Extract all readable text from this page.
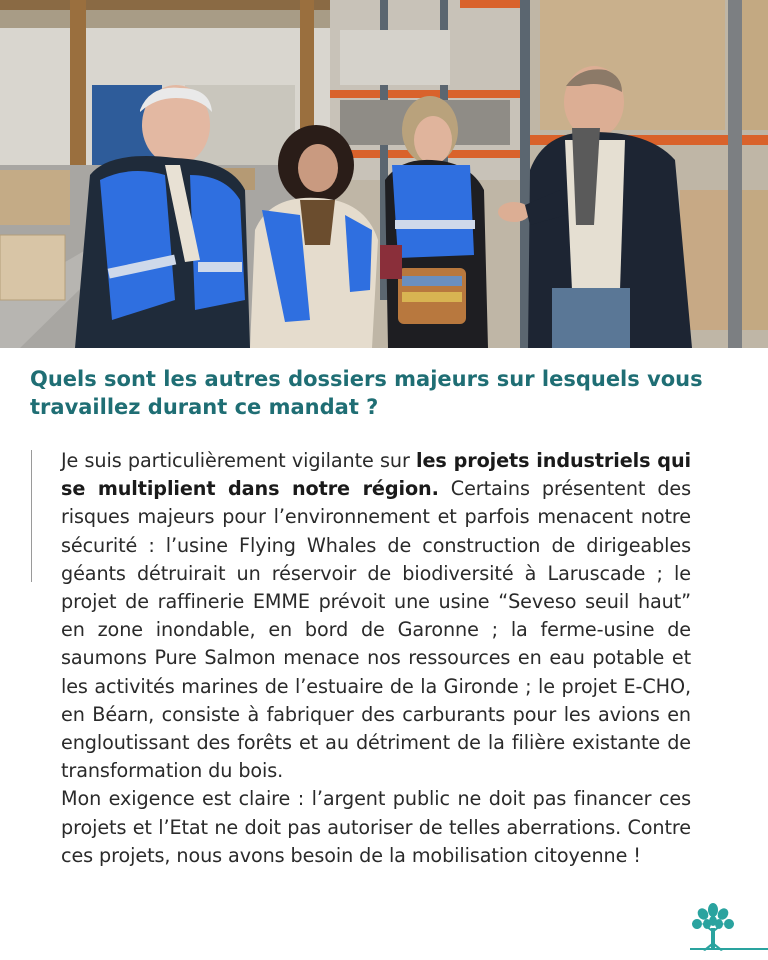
Quels sont les autres dossiers majeurs sur lesquels vous travaillez durant ce mandat ?

Je suis particulièrement vigilante sur les projets industriels qui se multiplient dans notre région. Certains présentent des risques majeurs pour l’environnement et parfois menacent notre sécurité : l’usine Flying Whales de construction de dirigeables géants détruirait un réservoir de biodiversité à Laruscade ; le projet de raffinerie EMME prévoit une usine “Seveso seuil haut” en zone inondable, en bord de Garonne ; la ferme-usine de saumons Pure Salmon menace nos ressources en eau potable et les activités marines de l’estuaire de la Gironde ; le projet E-CHO, en Béarn, consiste à fabriquer des carburants pour les avions en engloutissant des forêts et au détriment de la filière existante de transformation du bois.

Mon exigence est claire : l’argent public ne doit pas financer ces projets et l’Etat ne doit pas autoriser de telles aberrations. Contre ces projets, nous avons besoin de la mobilisation citoyenne !
